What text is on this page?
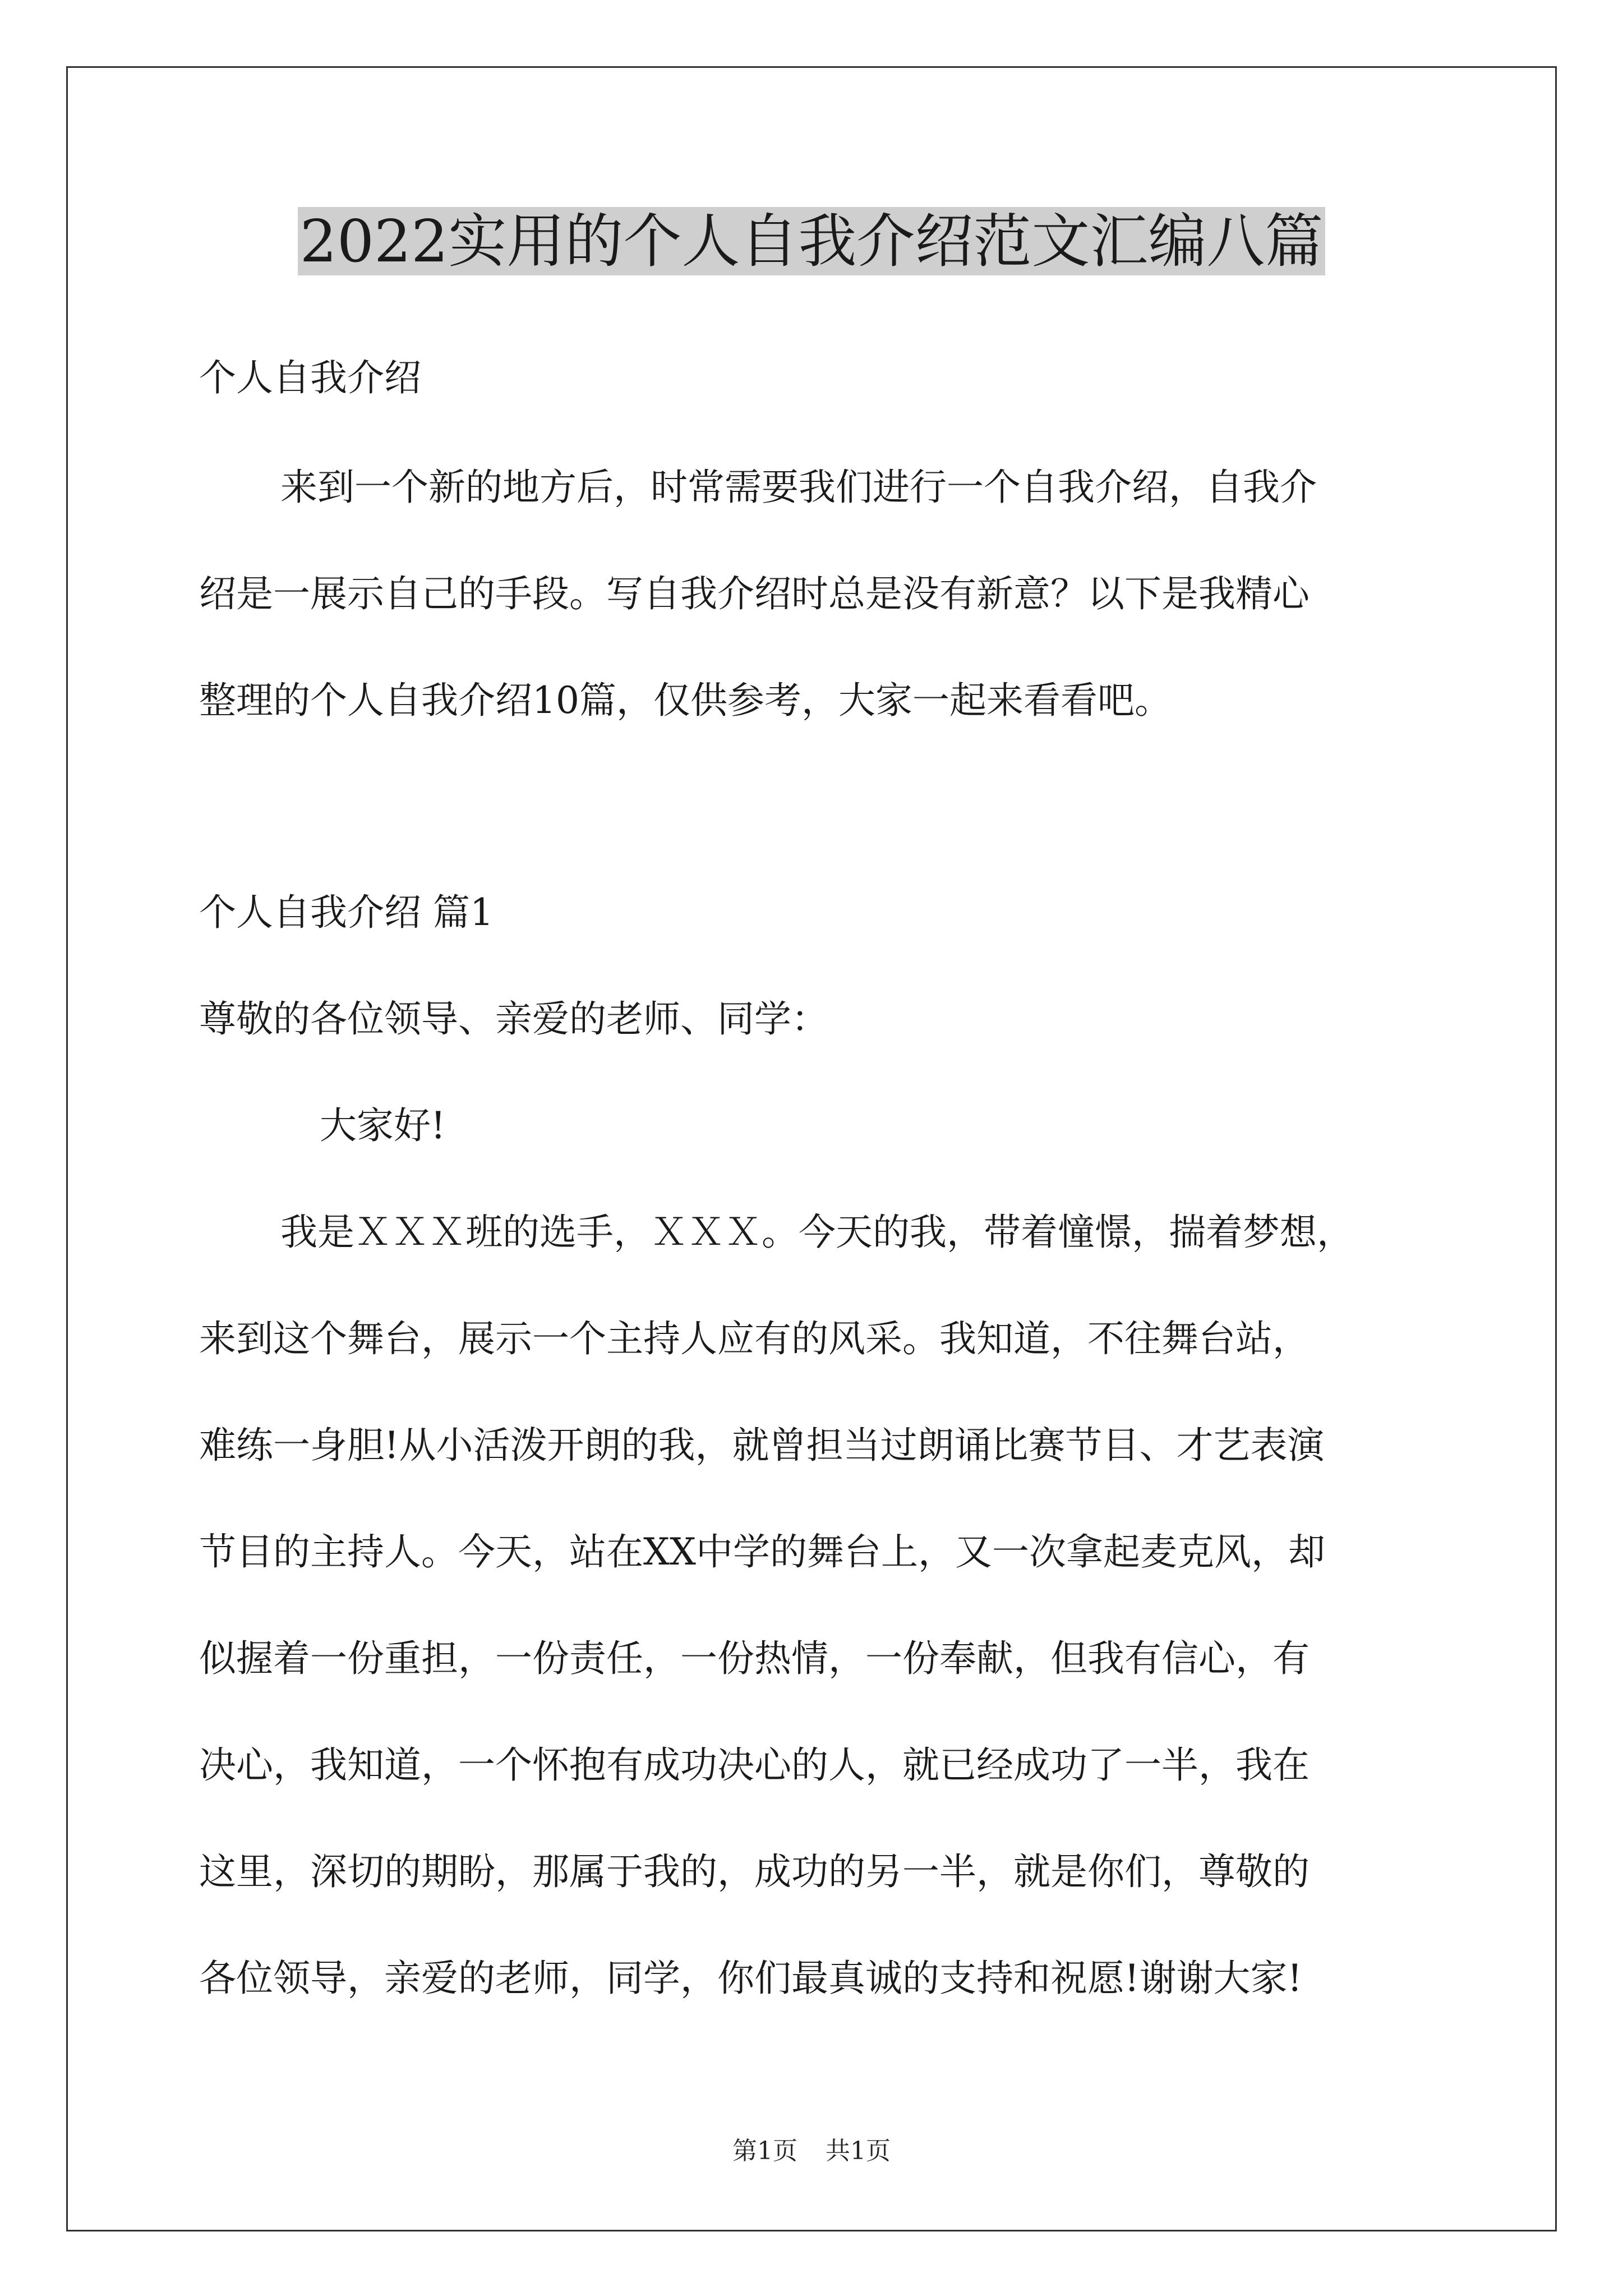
2022实用的个人自我介绍范文汇编八篇

个人自我介绍

来到一个新的地方后，时常需要我们进行一个自我介绍，自我介

绍是一展示自己的手段。写自我介绍时总是没有新意？以下是我精心

整理的个人自我介绍10篇，仅供参考，大家一起来看看吧。

个人自我介绍 篇1

尊敬的各位领导、亲爱的老师、同学：

大家好!

我是ＸＸＸ班的选手，ＸＸＸ。今天的我，带着憧憬，揣着梦想，

来到这个舞台，展示一个主持人应有的风采。我知道，不往舞台站，

难练一身胆!从小活泼开朗的我，就曾担当过朗诵比赛节目、才艺表演

节目的主持人。今天，站在XX中学的舞台上，又一次拿起麦克风，却

似握着一份重担，一份责任，一份热情，一份奉献，但我有信心，有

决心，我知道，一个怀抱有成功决心的人，就已经成功了一半，我在

这里，深切的期盼，那属于我的，成功的另一半，就是你们，尊敬的

各位领导，亲爱的老师，同学，你们最真诚的支持和祝愿!谢谢大家!

第1页 共1页
